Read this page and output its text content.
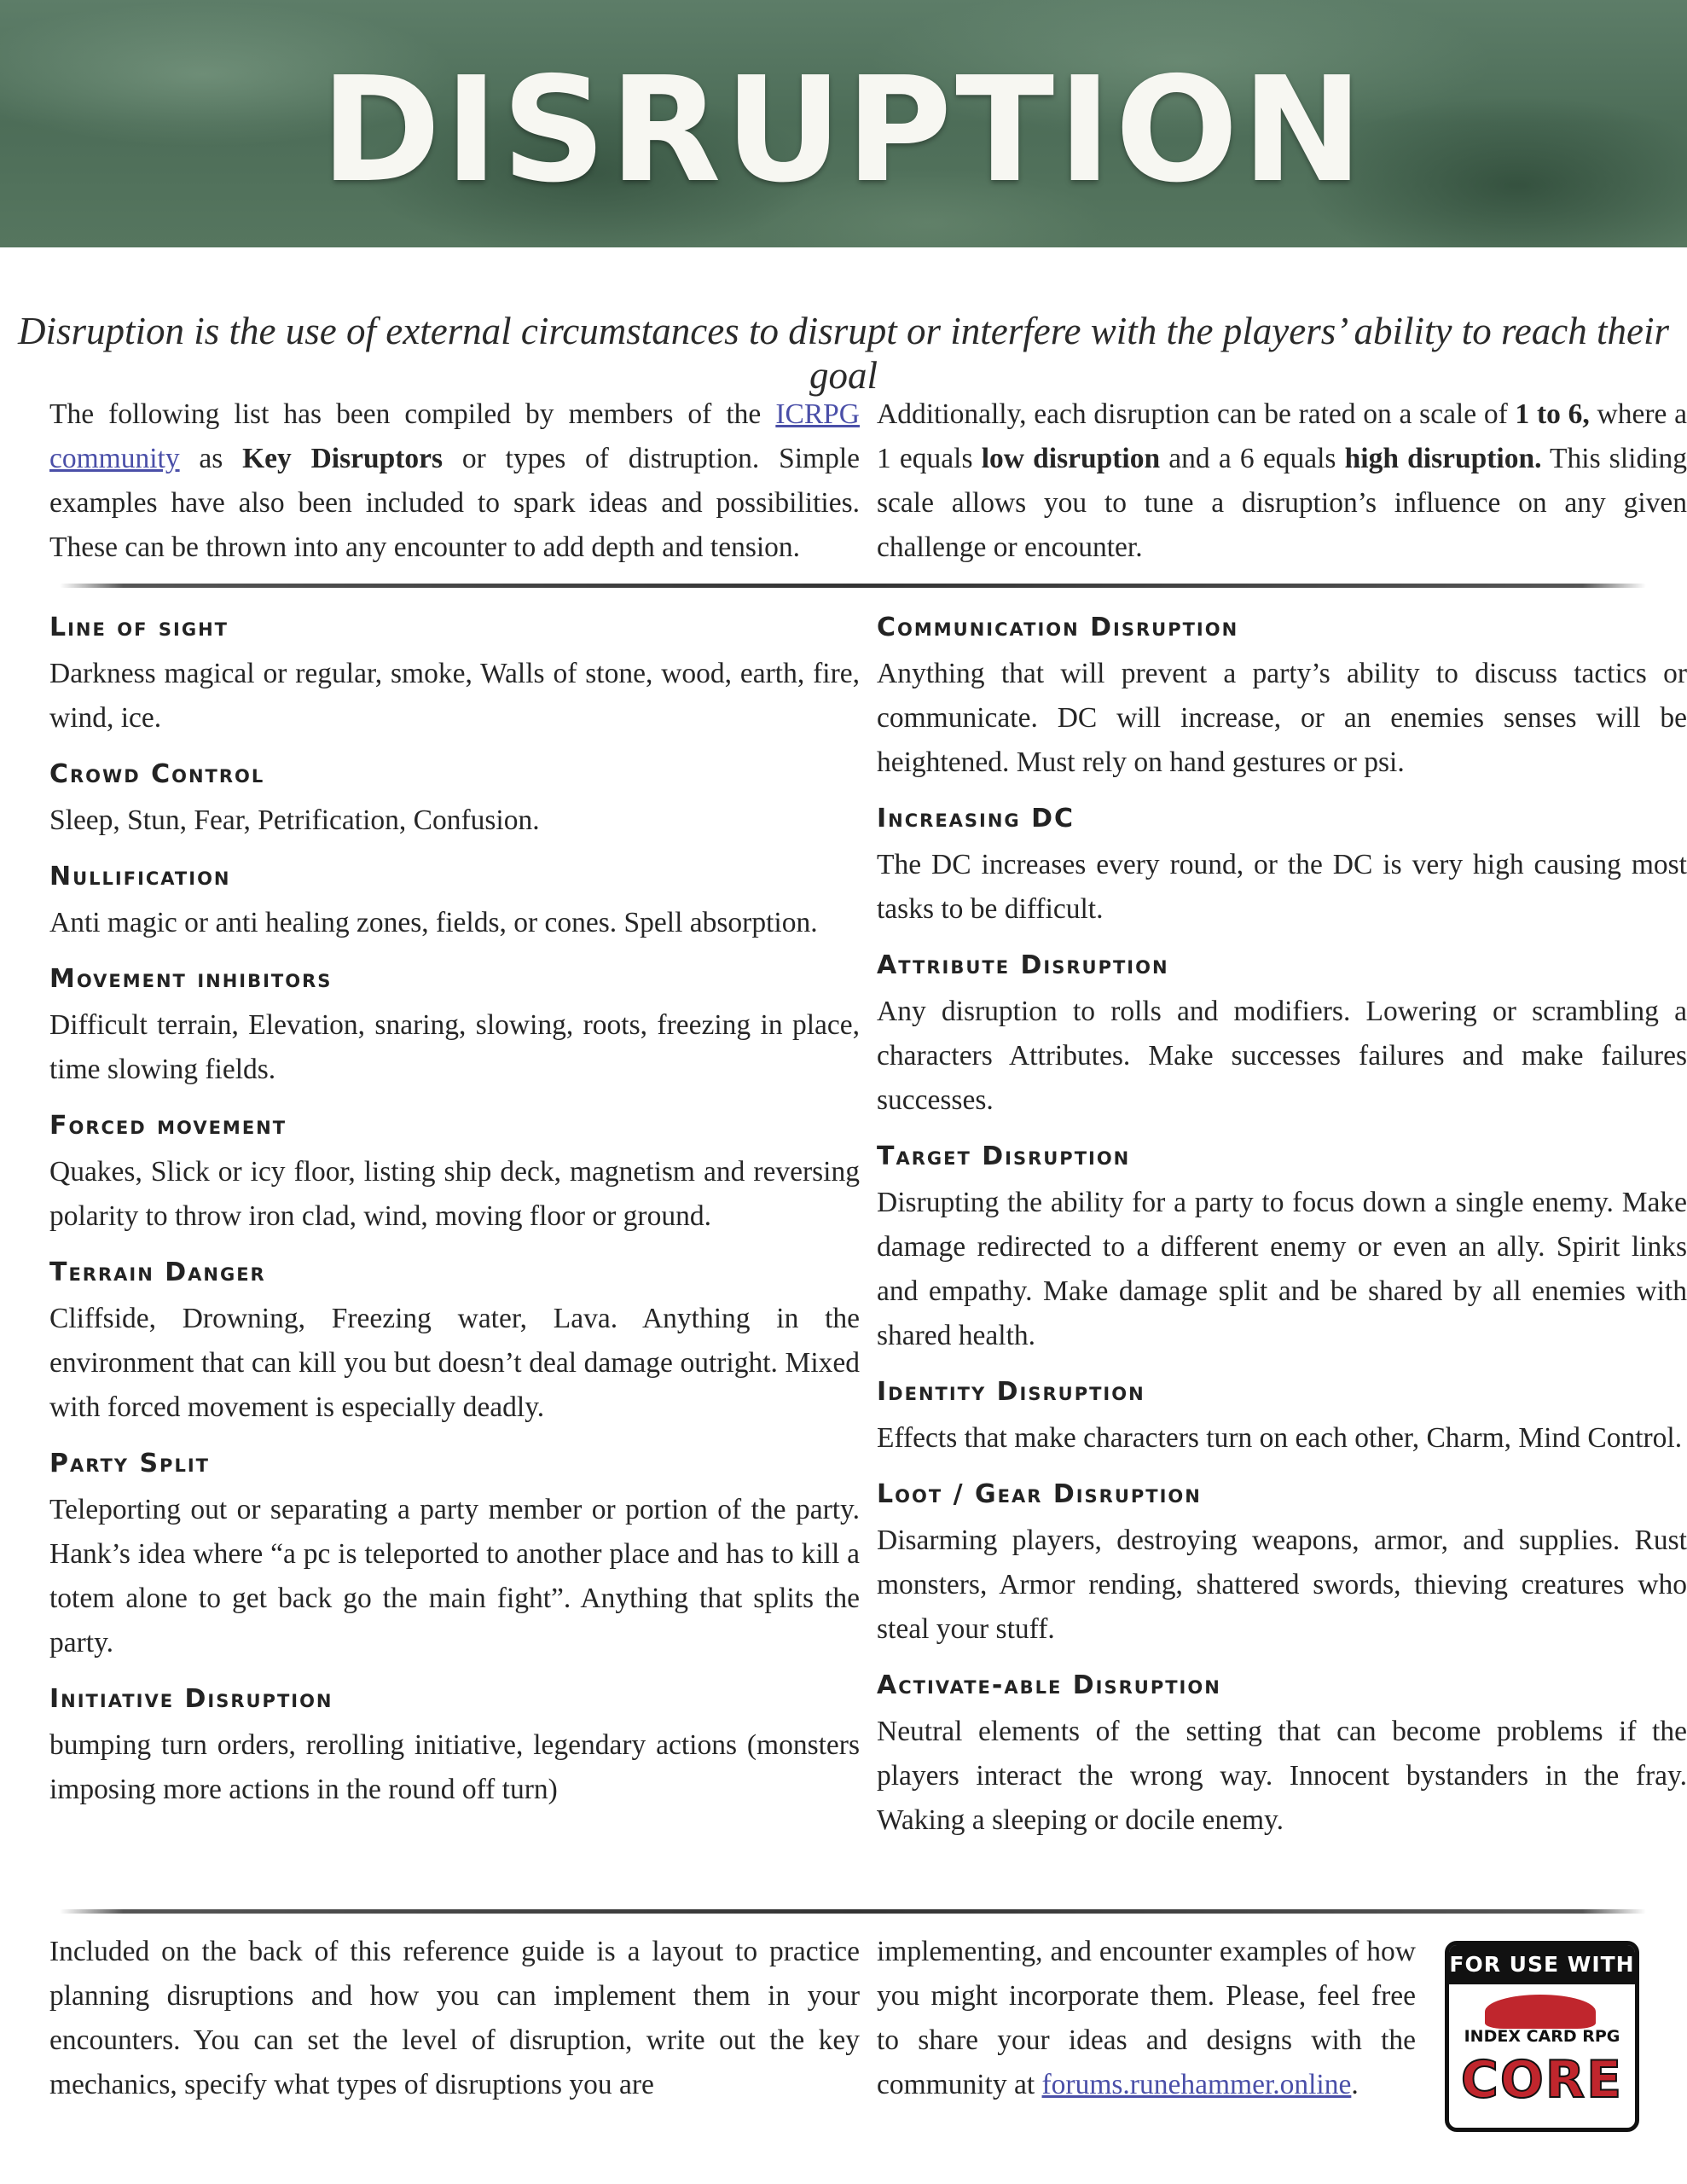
DISRUPTION
Disruption is the use of external circumstances to disrupt or interfere with the players’ ability to reach their goal

The following list has been compiled by members of the ICRPG community as Key Disruptors or types of distruption. Simple examples have also been included to spark ideas and possibilities. These can be thrown into any encounter to add depth and tension.

Additionally, each disruption can be rated on a scale of 1 to 6, where a 1 equals low disruption and a 6 equals high disruption. This sliding scale allows you to tune a disruption’s influence on any given challenge or encounter.

Line of sight

Darkness magical or regular, smoke, Walls of stone, wood, earth, fire, wind, ice.

Crowd Control

Sleep, Stun, Fear, Petrification, Confusion.

Nullification

Anti magic or anti healing zones, fields, or cones. Spell absorption.

Movement inhibitors

Difficult terrain, Elevation, snaring, slowing, roots, freezing in place, time slowing fields.

Forced movement

Quakes, Slick or icy floor, listing ship deck, magnetism and reversing polarity to throw iron clad, wind, moving floor or ground.

Terrain Danger

Cliffside, Drowning, Freezing water, Lava. Anything in the environment that can kill you but doesn’t deal damage outright. Mixed with forced movement is especially deadly.

Party Split

Teleporting out or separating a party member or portion of the party. Hank’s idea where “a pc is teleported to another place and has to kill a totem alone to get back go the main fight”. Anything that splits the party.

Initiative Disruption

bumping turn orders, rerolling initiative, legendary actions (monsters imposing more actions in the round off turn)

Communication Disruption

Anything that will prevent a party’s ability to discuss tactics or communicate. DC will increase, or an enemies senses will be heightened. Must rely on hand gestures or psi.

Increasing DC

The DC increases every round, or the DC is very high causing most tasks to be difficult.

Attribute Disruption

Any disruption to rolls and modifiers. Lowering or scrambling a characters Attributes. Make successes failures and make failures successes.

Target Disruption

Disrupting the ability for a party to focus down a single enemy. Make damage redirected to a different enemy or even an ally. Spirit links and empathy. Make damage split and be shared by all enemies with shared health.

Identity Disruption

Effects that make characters turn on each other, Charm, Mind Control.

Loot / Gear Disruption

Disarming players, destroying weapons, armor, and supplies. Rust monsters, Armor rending, shattered swords, thieving creatures who steal your stuff.

Activate-able Disruption

Neutral elements of the setting that can become problems if the players interact the wrong way. Innocent bystanders in the fray. Waking a sleeping or docile enemy.

Included on the back of this reference guide is a layout to practice planning disruptions and how you can implement them in your encounters. You can set the level of disruption, write out the key mechanics, specify what types of disruptions you are

implementing, and encounter examples of how you might incorporate them. Please, feel free to share your ideas and designs with the community at forums.runehammer.online.

FOR USE WITH
INDEX CARD RPG
CORE
